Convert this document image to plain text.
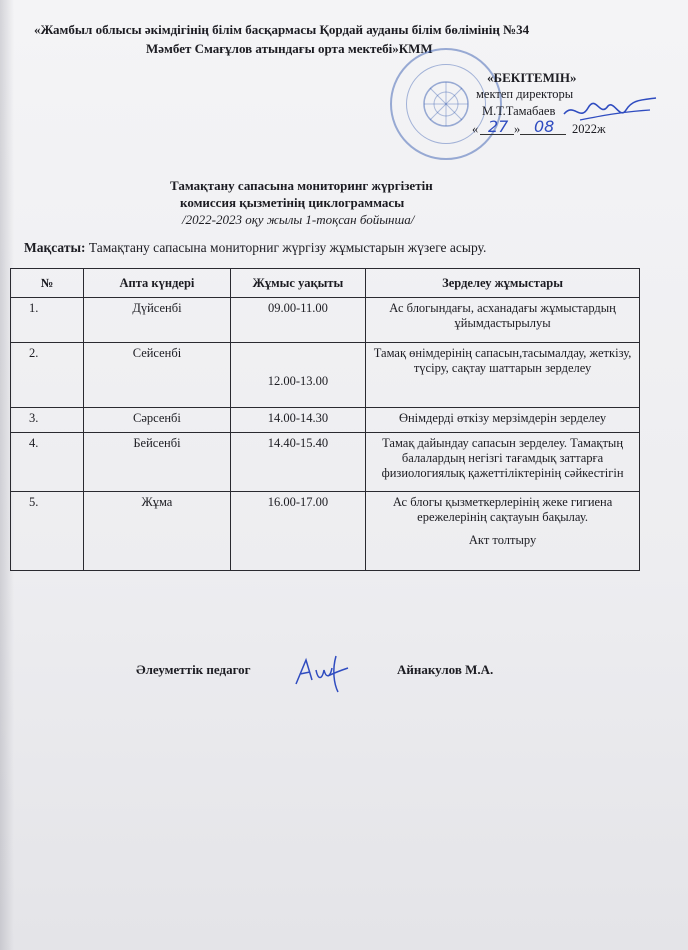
«Жамбыл облысы әкімдігінің білім басқармасы Қордай ауданы білім бөлімінің №34
Мәмбет Смағұлов атындағы орта мектебі»КММ
«БЕКІТЕМІН»
мектеп директоры
М.Т.Тамабаев
« 27 » 08 2022ж
Тамақтану сапасына мониторинг жүргізетін
комиссия қызметінің циклограммасы
/2022-2023 оқу жылы 1-тоқсан бойынша/
Мақсаты: Тамақтану сапасына мониторниг жүргізу жұмыстарын жүзеге асыру.
№	Апта күндері	Жұмыс уақыты	Зерделеу жұмыстары
1.	Дүйсенбі	09.00-11.00	Ас блогындағы, асханадағы жұмыстардың ұйымдастырылуы
2.	Сейсенбі	12.00-13.00	Тамақ өнімдерінің сапасын,тасымалдау, жеткізу, түсіру, сақтау шаттарын зерделеу
3.	Сәрсенбі	14.00-14.30	Өнімдерді өткізу мерзімдерін зерделеу
4.	Бейсенбі	14.40-15.40	Тамақ дайындау сапасын зерделеу. Тамақтың балалардың негізгі тағамдық заттарға физиологиялық қажеттіліктерінің сәйкестігін
5.	Жұма	16.00-17.00	Ас блогы қызметкерлерінің жеке гигиена ережелерінің сақтауын бақылау.
Акт толтыру
Әлеуметтік педагог	Айнакулов М.А.
